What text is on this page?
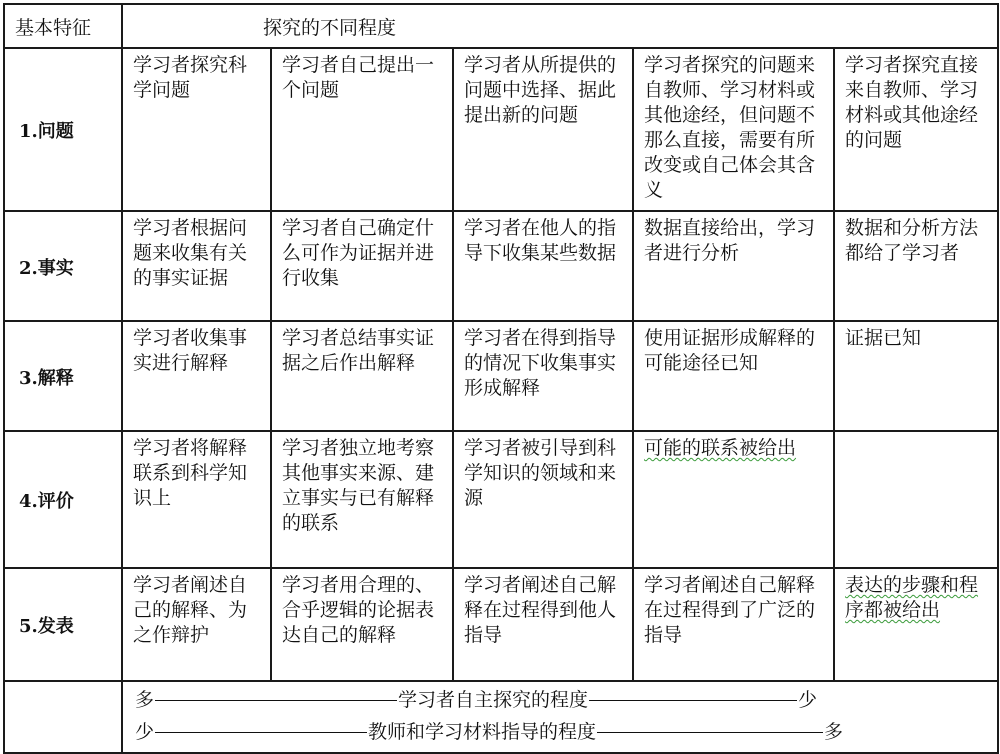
基本特征	探究的不同程度				
1.问题	学习者探究科学问题	学习者自己提出一个问题	学习者从所提供的问题中选择、据此提出新的问题	学习者探究的问题来自教师、学习材料或其他途经，但问题不那么直接，需要有所改变或自己体会其含义	学习者探究直接来自教师、学习材料或其他途经的问题
2.事实	学习者根据问题来收集有关的事实证据	学习者自己确定什么可作为证据并进行收集	学习者在他人的指导下收集某些数据	数据直接给出，学习者进行分析	数据和分析方法都给了学习者
3.解释	学习者收集事实进行解释	学习者总结事实证据之后作出解释	学习者在得到指导的情况下收集事实形成解释	使用证据形成解释的可能途径已知	证据已知
4.评价	学习者将解释联系到科学知识上	学习者独立地考察其他事实来源、建立事实与已有解释的联系	学习者被引导到科学知识的领域和来源	可能的联系被给出	
5.发表	学习者阐述自己的解释、为之作辩护	学习者用合理的、合乎逻辑的论据表达自己的解释	学习者阐述自己解释在过程得到他人指导	学习者阐述自己解释在过程得到了广泛的指导	表达的步骤和程序都被给出

多	学习者自主探究的程度	少
少	教师和学习材料指导的程度	多
